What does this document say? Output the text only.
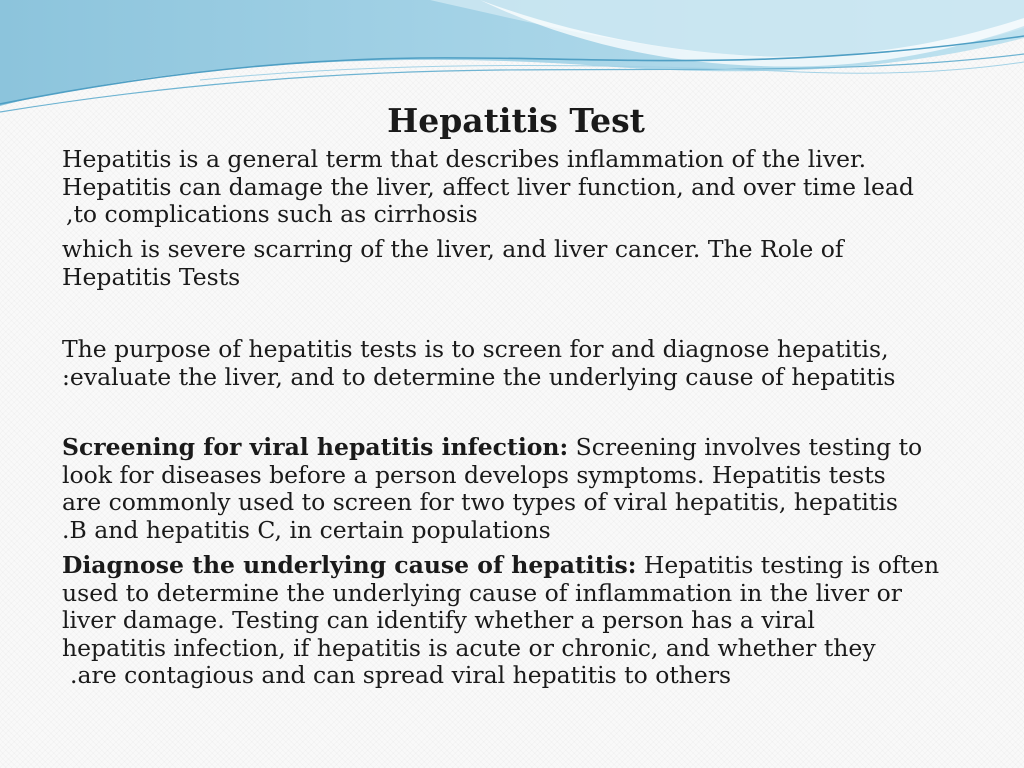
Hepatitis Test

Hepatitis is a general term that describes inflammation of the liver.
Hepatitis can damage the liver, affect liver function, and over time lead
,to complications such as cirrhosis

which is severe scarring of the liver, and liver cancer. The Role of
Hepatitis Tests

The purpose of hepatitis tests is to screen for and diagnose hepatitis,
:evaluate the liver, and to determine the underlying cause of hepatitis

Screening for viral hepatitis infection: Screening involves testing to
look for diseases before a person develops symptoms. Hepatitis tests
are commonly used to screen for two types of viral hepatitis, hepatitis
.B and hepatitis C, in certain populations

Diagnose the underlying cause of hepatitis: Hepatitis testing is often
used to determine the underlying cause of inflammation in the liver or
liver damage. Testing can identify whether a person has a viral
hepatitis infection, if hepatitis is acute or chronic, and whether they
.are contagious and can spread viral hepatitis to others
